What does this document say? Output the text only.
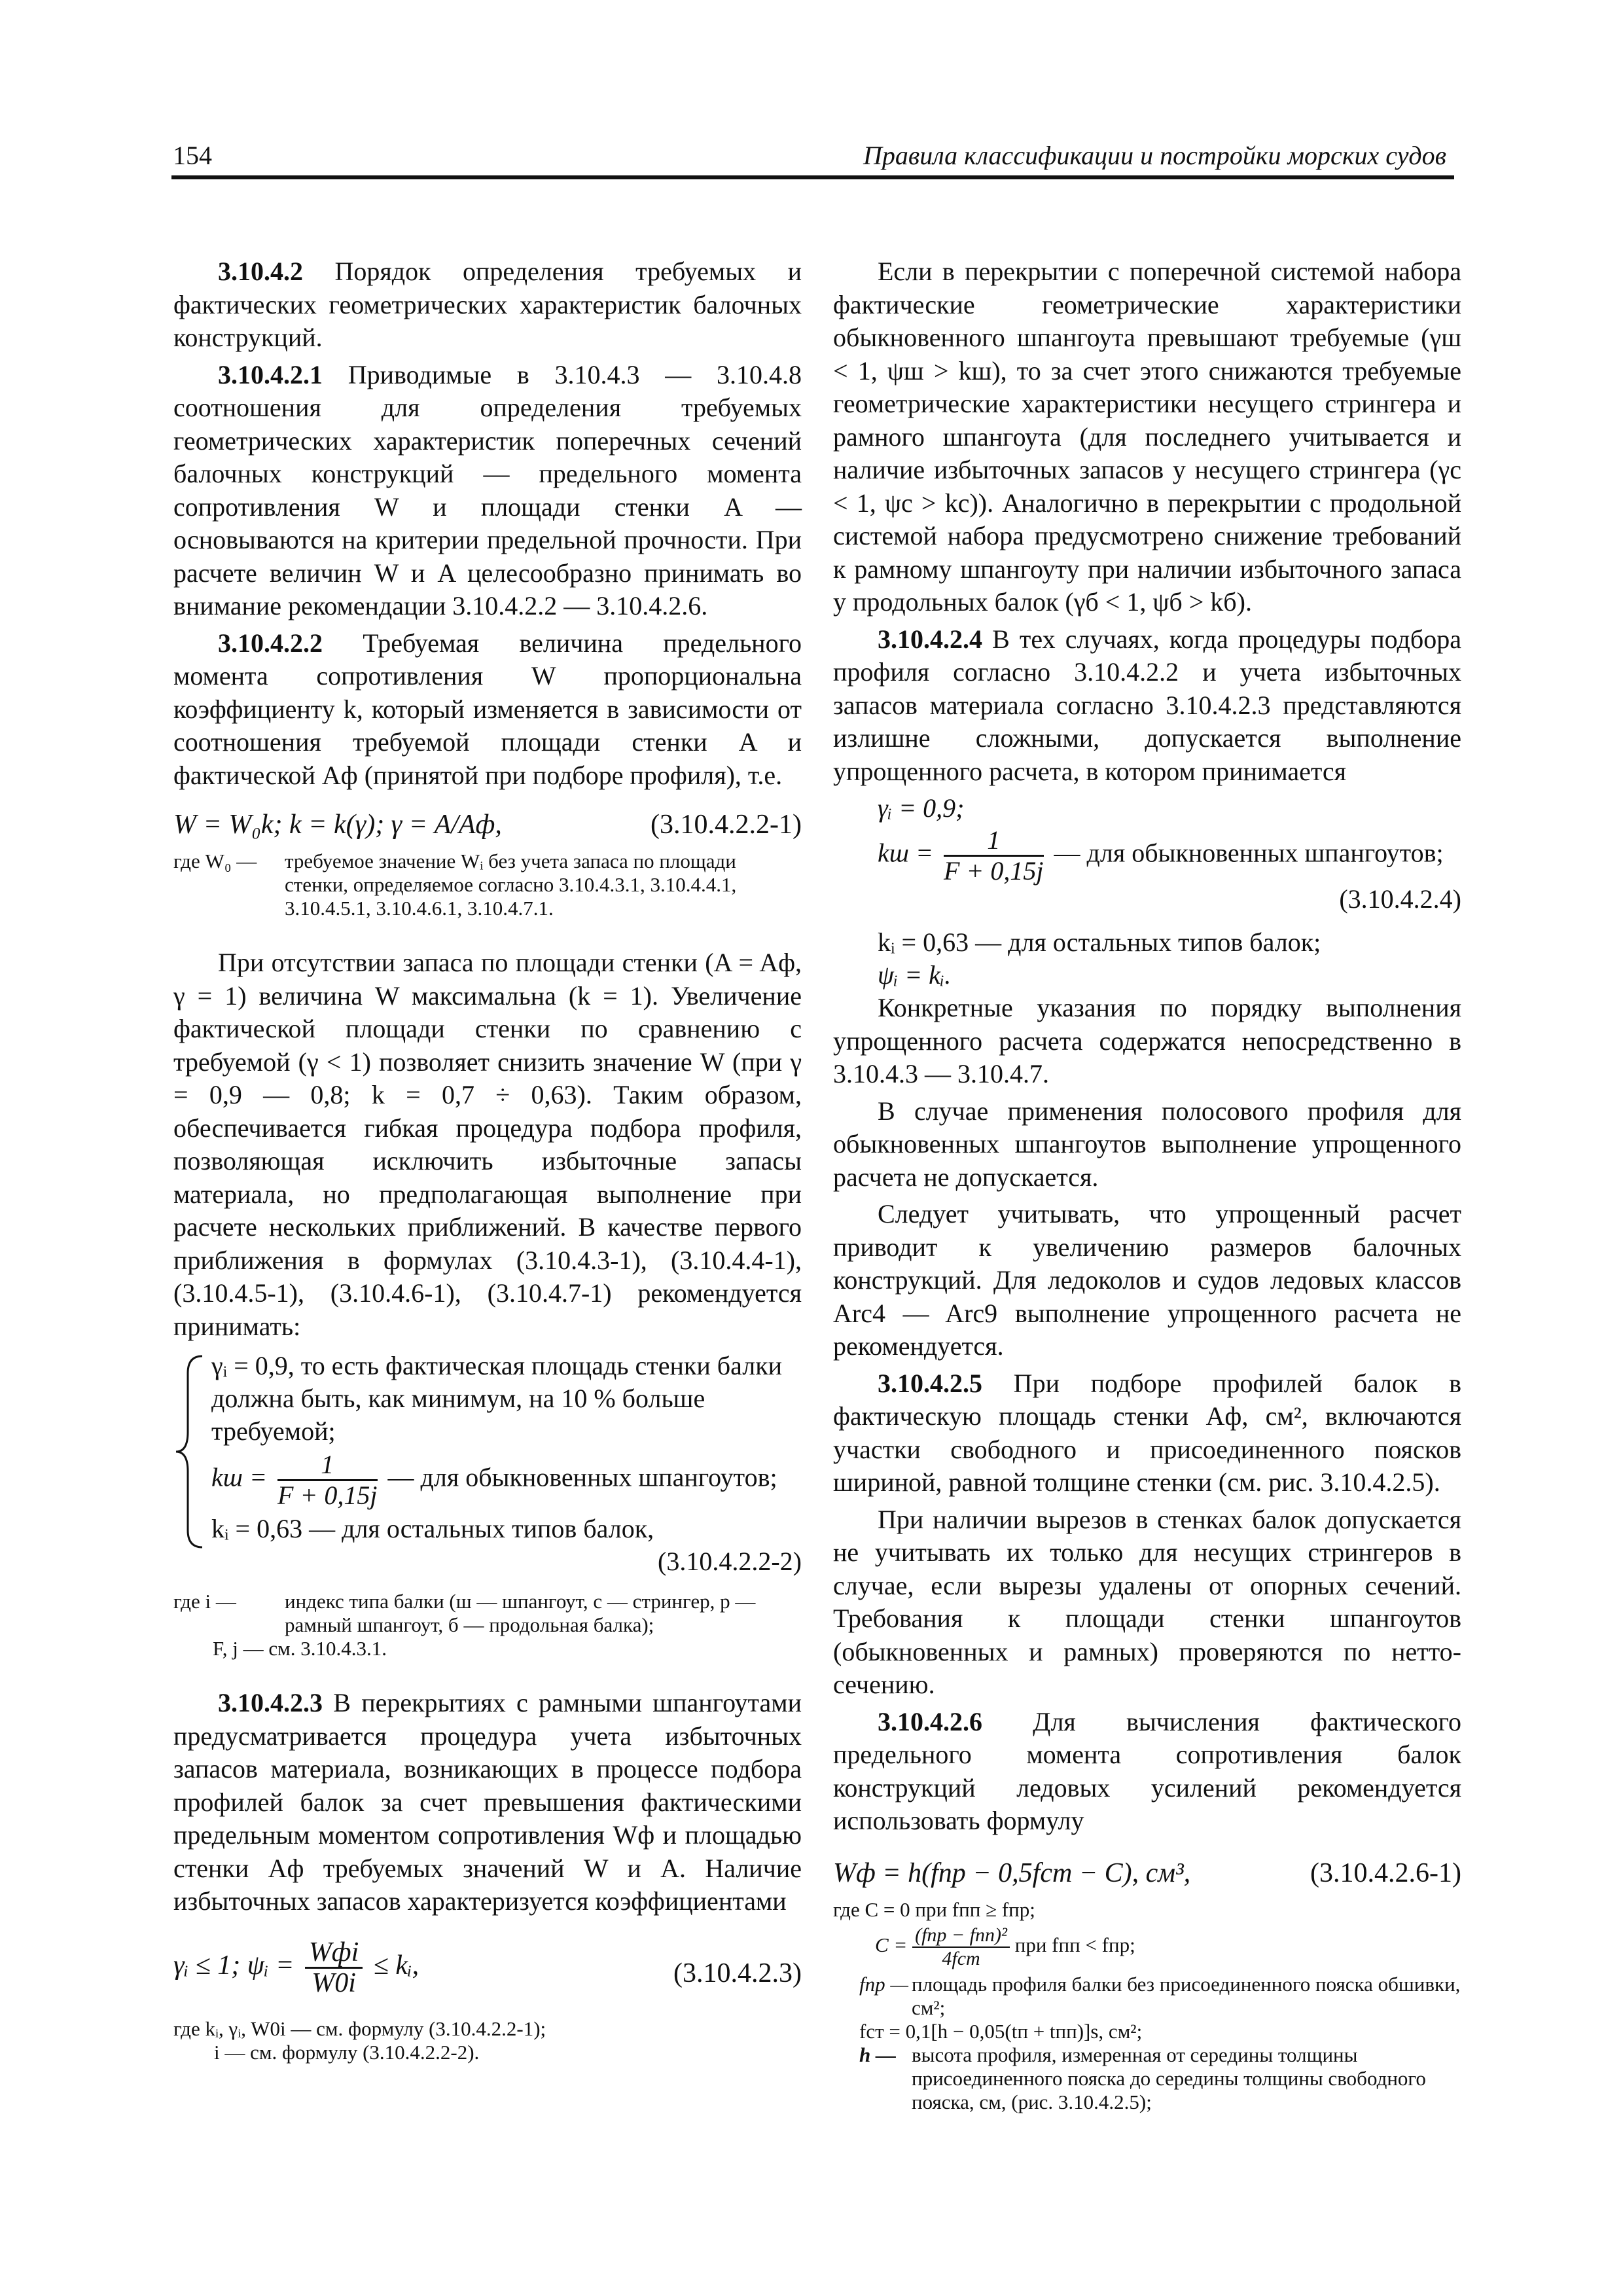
154	Правила классификации и постройки морских судов

3.10.4.2 Порядок определения требуемых и фактических геометрических характеристик балочных конструкций.

3.10.4.2.1 Приводимые в 3.10.4.3 — 3.10.4.8 соотношения для определения требуемых геометрических характеристик поперечных сечений балочных конструкций — предельного момента сопротивления W и площади стенки A — основываются на критерии предельной прочности. При расчете величин W и A целесообразно принимать во внимание рекомендации 3.10.4.2.2 — 3.10.4.2.6.

3.10.4.2.2 Требуемая величина предельного момента сопротивления W пропорциональна коэффициенту k, который изменяется в зависимости от соотношения требуемой площади стенки A и фактической Aф (принятой при подборе профиля), т.е.

W = W₀k; k = k(γ); γ = A/Aф,	(3.10.4.2.2-1)
где W₀ —	требуемое значение Wᵢ без учета запаса по площади стенки, определяемое согласно 3.10.4.3.1, 3.10.4.4.1, 3.10.4.5.1, 3.10.4.6.1, 3.10.4.7.1.

При отсутствии запаса по площади стенки (A = Aф, γ = 1) величина W максимальна (k = 1). Увеличение фактической площади стенки по сравнению с требуемой (γ < 1) позволяет снизить значение W (при γ = 0,9 — 0,8; k = 0,7 ÷ 0,63). Таким образом, обеспечивается гибкая процедура подбора профиля, позволяющая исключить избыточные запасы материала, но предполагающая выполнение при расчете нескольких приближений. В качестве первого приближения в формулах (3.10.4.3-1), (3.10.4.4-1), (3.10.4.5-1), (3.10.4.6-1), (3.10.4.7-1) рекомендуется принимать:

γᵢ = 0,9, то есть фактическая площадь стенки балки должна быть, как минимум, на 10 % больше требуемой;
kш = $\frac{1}{F + 0,15j}$ — для обыкновенных шпангоутов;
kᵢ = 0,63 — для остальных типов балок,
(3.10.4.2.2-2)
где i —	индекс типа балки (ш — шпангоут, с — стрингер, р — рамный шпангоут, б — продольная балка);
F, j — см. 3.10.4.3.1.

3.10.4.2.3 В перекрытиях с рамными шпангоутами предусматривается процедура учета избыточных запасов материала, возникающих в процессе подбора профилей балок за счет превышения фактическими предельным моментом сопротивления Wф и площадью стенки Aф требуемых значений W и A. Наличие избыточных запасов характеризуется коэффициентами

γᵢ ≤ 1; ψᵢ = $\frac{\text{Wфi}}{W0i}$ ≤ kᵢ,	(3.10.4.2.3)
где kᵢ, γᵢ, W0i — см. формулу (3.10.4.2.2-1);
i — см. формулу (3.10.4.2.2-2).

Если в перекрытии с поперечной системой набора фактические геометрические характеристики обыкновенного шпангоута превышают требуемые (γш < 1, ψш > kш), то за счет этого снижаются требуемые геометрические характеристики несущего стрингера и рамного шпангоута (для последнего учитывается и наличие избыточных запасов у несущего стрингера (γс < 1, ψс > kс)). Аналогично в перекрытии с продольной системой набора предусмотрено снижение требований к рамному шпангоуту при наличии избыточного запаса у продольных балок (γб < 1, ψб > kб).

3.10.4.2.4 В тех случаях, когда процедуры подбора профиля согласно 3.10.4.2.2 и учета избыточных запасов материала согласно 3.10.4.2.3 представляются излишне сложными, допускается выполнение упрощенного расчета, в котором принимается

γᵢ = 0,9;
kш = $\frac{1}{F + 0,15j}$ — для обыкновенных шпангоутов;
(3.10.4.2.4)
kᵢ = 0,63 — для остальных типов балок;
ψᵢ = kᵢ.

Конкретные указания по порядку выполнения упрощенного расчета содержатся непосредственно в 3.10.4.3 — 3.10.4.7.

В случае применения полосового профиля для обыкновенных шпангоутов выполнение упрощенного расчета не допускается.

Следует учитывать, что упрощенный расчет приводит к увеличению размеров балочных конструкций. Для ледоколов и судов ледовых классов Arc4 — Arc9 выполнение упрощенного расчета не рекомендуется.

3.10.4.2.5 При подборе профилей балок в фактическую площадь стенки Aф, см², включаются участки свободного и присоединенного поясков шириной, равной толщине стенки (см. рис. 3.10.4.2.5).

При наличии вырезов в стенках балок допускается не учитывать их только для несущих стрингеров в случае, если вырезы удалены от опорных сечений. Требования к площади стенки шпангоутов (обыкновенных и рамных) проверяются по нетто-сечению.

3.10.4.2.6 Для вычисления фактического предельного момента сопротивления балок конструкций ледовых усилений рекомендуется использовать формулу

Wф = h(fпр − 0,5fст − C), см³,	(3.10.4.2.6-1)
где C = 0 при fпп ≥ fпр;
$C = \frac{\text{(fпр − fпп)²}}{\text{4fст}}$ при fпп < fпр;
fпр — площадь профиля балки без присоединенного пояска обшивки, см²;
fст = 0,1[h − 0,05(tп + tпп)]s, см²;
h — высота профиля, измеренная от середины толщины присоединенного пояска до середины толщины свободного пояска, см, (рис. 3.10.4.2.5);
